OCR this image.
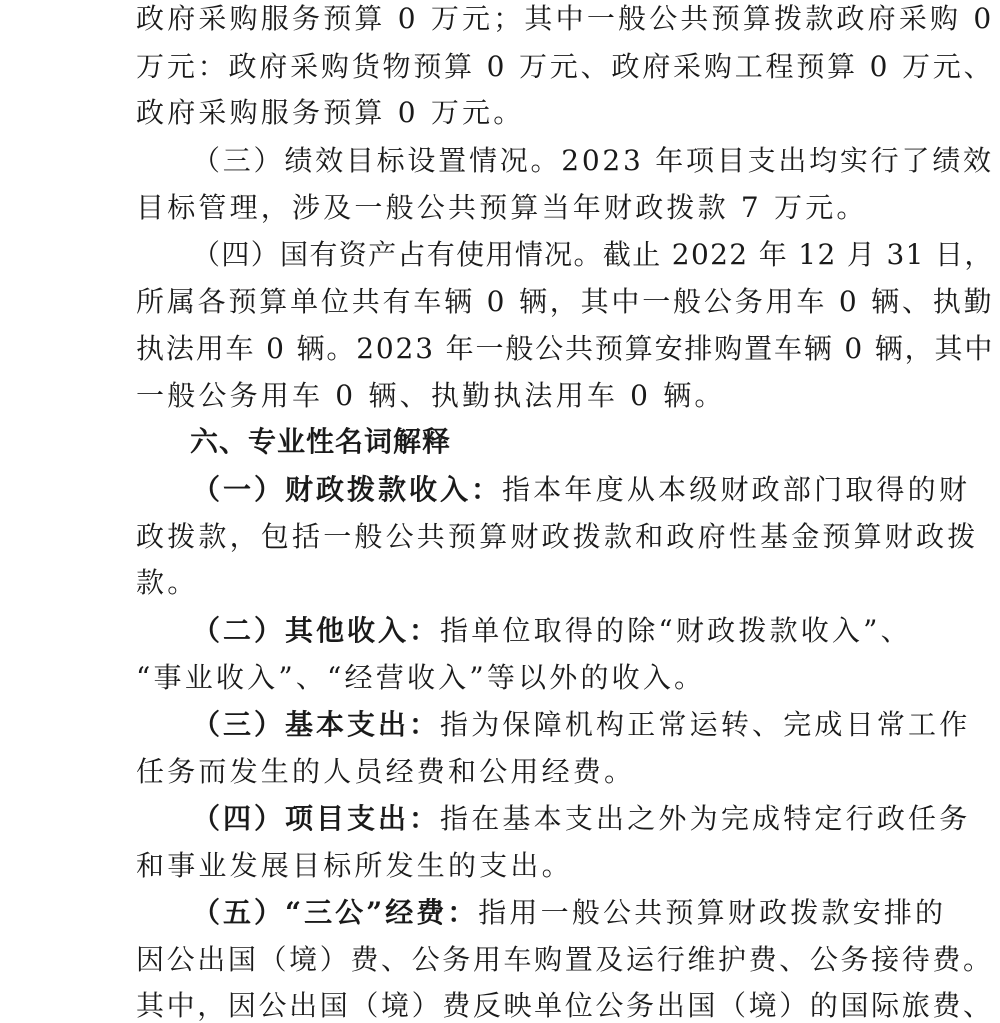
政府采购服务预算 0 万元；其中一般公共预算拨款政府采购 0
万元：政府采购货物预算 0 万元、政府采购工程预算 0 万元、
政府采购服务预算 0 万元。
（三）绩效目标设置情况。2023 年项目支出均实行了绩效
目标管理，涉及一般公共预算当年财政拨款 7 万元。
（四）国有资产占有使用情况。截止 2022 年 12 月 31 日，
所属各预算单位共有车辆 0 辆，其中一般公务用车 0 辆、执勤
执法用车 0 辆。2023 年一般公共预算安排购置车辆 0 辆，其中
一般公务用车 0 辆、执勤执法用车 0 辆。
六、专业性名词解释
（一）财政拨款收入：指本年度从本级财政部门取得的财
政拨款，包括一般公共预算财政拨款和政府性基金预算财政拨
款。
（二）其他收入：指单位取得的除“财政拨款收入”、
“事业收入”、“经营收入”等以外的收入。
（三）基本支出：指为保障机构正常运转、完成日常工作
任务而发生的人员经费和公用经费。
（四）项目支出：指在基本支出之外为完成特定行政任务
和事业发展目标所发生的支出。
（五）“三公”经费：指用一般公共预算财政拨款安排的
因公出国（境）费、公务用车购置及运行维护费、公务接待费。
其中，因公出国（境）费反映单位公务出国（境）的国际旅费、
